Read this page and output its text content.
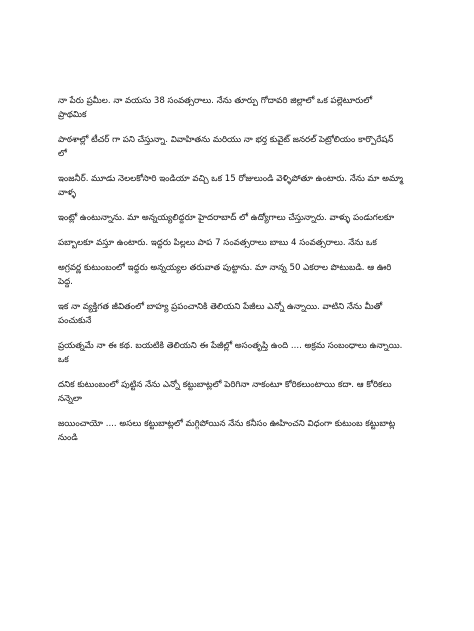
నా పేరు ప్రమీల. నా వయసు 38 సంవత్సరాలు. నేను తూర్పు గోదావరి జిల్లాలో ఒక పల్లెటూరులో
ప్రాథమిక

పాఠశాల్లో టీచర్ గా పని చేస్తున్నా. వివాహితను మరియు నా భర్త కువైట్ జనరల్ పెట్రోలియం కార్పొరేషన్
లో

ఇంజనీర్. మూడు నెలలకోసారి ఇండియా వచ్చి ఒక 15 రోజులుండి వెళ్ళిపోతూ ఉంటారు. నేను మా అమ్మా
వాళ్ళ

ఇంట్లో ఉంటున్నాను. మా అన్నయ్యలిద్దరూ హైదరాబాద్ లో ఉద్యోగాలు చేస్తున్నారు. వాళ్ళు పండుగలకూ

పబ్బాలకూ వస్తూ ఉంటారు. ఇద్దరు పిల్లలు పాప 7 సంవత్సరాలు బాబు 4 సంవత్సరాలు. నేను ఒక

అగ్రవర్ణ కుటుంబంలో ఇద్దరు అన్నయ్యల తరువాత పుట్టాను. మా నాన్న 50 ఎకరాల పొటుబడి. ఆ ఊరి
పెద్ద.

ఇక నా వ్యక్తిగత జీవితంలో బాహ్య ప్రపంచానికి తెలియని పేజీలు ఎన్నో ఉన్నాయి. వాటిని నేను మీతో
పంచుకునే

ప్రయత్నమే నా ఈ కథ. బయటికి తెలియని ఈ పేజీల్లో అసంతృప్తి ఉంది .... అక్రమ సంబంధాలు ఉన్నాయి.
ఒక

దనిక కుటుంబంలో పుట్టిన నేను ఎన్నో కట్టుబాట్లలో పెరిగినా నాకంటూ కోరికలుంటాయి కదా. ఆ కోరికలు
నన్నెలా

జయించాయో .... అసలు కట్టుబాట్లలో మగ్గిపోయిన నేను కనీసం ఊహించని విధంగా కుటుంబ కట్టుబాట్ల
నుండి
